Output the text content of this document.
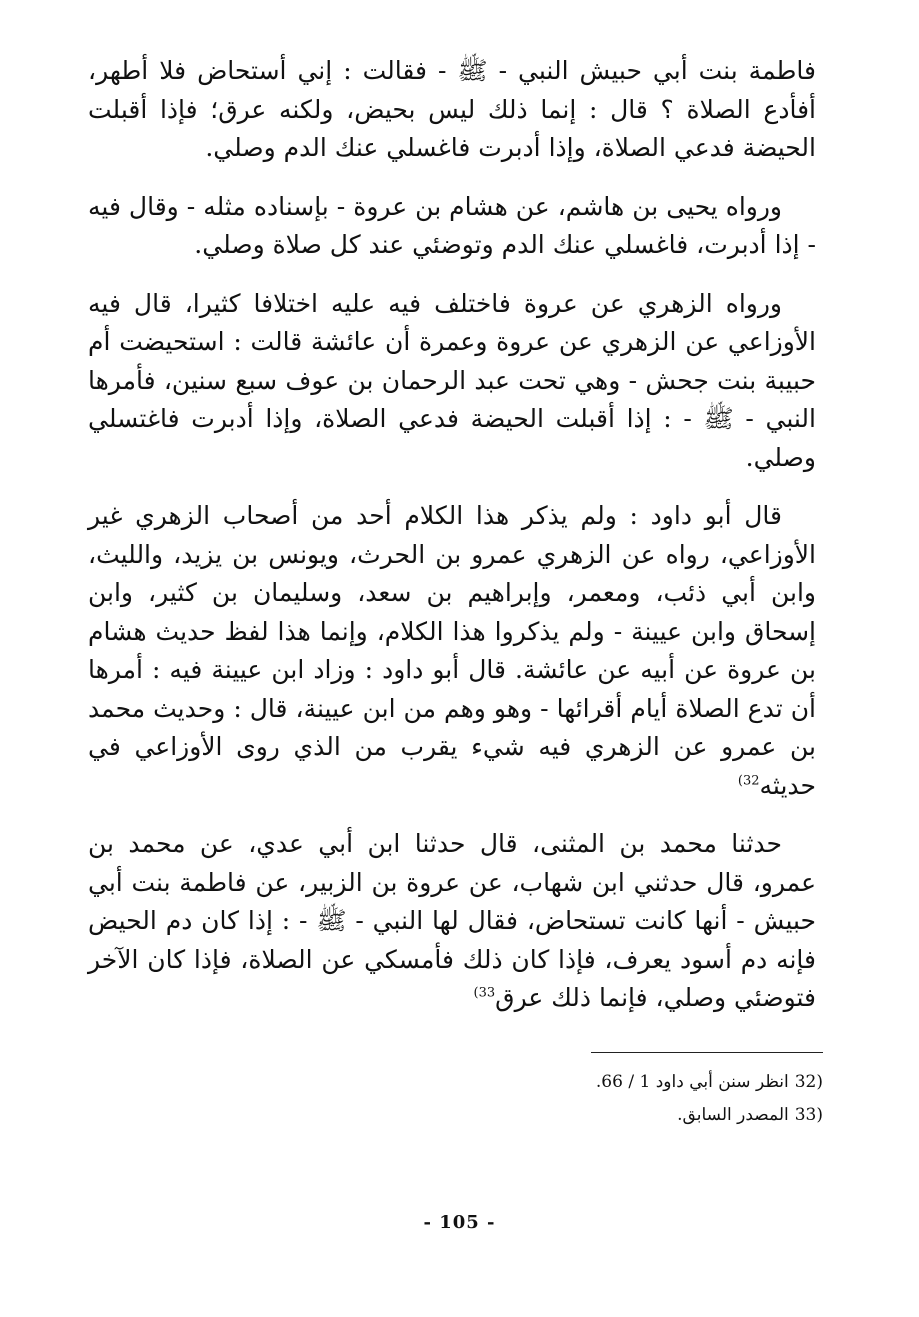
فاطمة بنت أبي حبيش النبي - ﷺ - فقالت : إني أستحاض فلا أطهر، أفأدع الصلاة ؟ قال : إنما ذلك ليس بحيض، ولكنه عرق؛ فإذا أقبلت الحيضة فدعي الصلاة، وإذا أدبرت فاغسلي عنك الدم وصلي.

ورواه يحيى بن هاشم، عن هشام بن عروة - بإسناده مثله - وقال فيه - إذا أدبرت، فاغسلي عنك الدم وتوضئي عند كل صلاة وصلي.

ورواه الزهري عن عروة فاختلف فيه عليه اختلافا كثيرا، قال فيه الأوزاعي عن الزهري عن عروة وعمرة أن عائشة قالت : استحيضت أم حبيبة بنت جحش - وهي تحت عبد الرحمان بن عوف سبع سنين، فأمرها النبي - ﷺ - : إذا أقبلت الحيضة فدعي الصلاة، وإذا أدبرت فاغتسلي وصلي.

قال أبو داود : ولم يذكر هذا الكلام أحد من أصحاب الزهري غير الأوزاعي، رواه عن الزهري عمرو بن الحرث، ويونس بن يزيد، والليث، وابن أبي ذئب، ومعمر، وإبراهيم بن سعد، وسليمان بن كثير، وابن إسحاق وابن عيينة - ولم يذكروا هذا الكلام، وإنما هذا لفظ حديث هشام بن عروة عن أبيه عن عائشة. قال أبو داود : وزاد ابن عيينة فيه : أمرها أن تدع الصلاة أيام أقرائها - وهو وهم من ابن عيينة، قال : وحديث محمد بن عمرو عن الزهري فيه شيء يقرب من الذي روى الأوزاعي في حديثه$^{(32}$

حدثنا محمد بن المثنى، قال حدثنا ابن أبي عدي، عن محمد بن عمرو، قال حدثني ابن شهاب، عن عروة بن الزبير، عن فاطمة بنت أبي حبيش - أنها كانت تستحاض، فقال لها النبي - ﷺ - : إذا كان دم الحيض فإنه دم أسود يعرف، فإذا كان ذلك فأمسكي عن الصلاة، فإذا كان الآخر فتوضئي وصلي، فإنما ذلك عرق$^{(33}$

32)انظر سنن أبي داود 1 / 66.

33)المصدر السابق.

- 105 -
